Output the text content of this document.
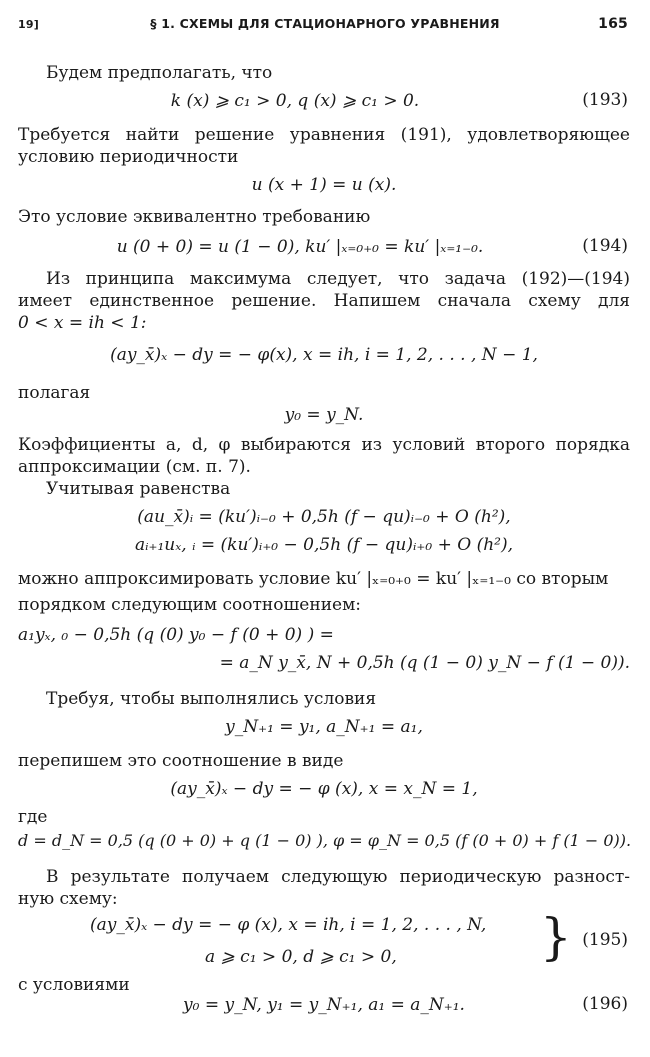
19]	§ 1. СХЕМЫ ДЛЯ СТАЦИОНАРНОГО УРАВНЕНИЯ	165
Будем предполагать, что
k (x) ⩾ c₁ > 0, q (x) ⩾ c₁ > 0.	(193)
Требуется найти решение уравнения (191), удовлетворяющее
условию периодичности
u (x + 1) = u (x).
Это условие эквивалентно требованию
u (0 + 0) = u (1 − 0), ku′ |ₓ₌₀₊₀ = ku′ |ₓ₌₁₋₀.	(194)
Из принципа максимума следует, что задача (192)—(194)
имеет единственное решение. Напишем сначала схему для
0 < x = ih < 1:
(ay_x̄)ₓ − dy = − φ(x), x = ih, i = 1, 2, . . . , N − 1,
полагая
y₀ = y_N.
Коэффициенты a, d, φ выбираются из условий второго порядка
аппроксимации (см. п. 7).
Учитывая равенства
(au_x̄)ᵢ = (ku′)ᵢ₋₀ + 0,5h (f − qu)ᵢ₋₀ + O (h²),
aᵢ₊₁uₓ, ᵢ = (ku′)ᵢ₊₀ − 0,5h (f − qu)ᵢ₊₀ + O (h²),
можно аппроксимировать условие ku′ |ₓ₌₀₊₀ = ku′ |ₓ₌₁₋₀ со вторым
порядком следующим соотношением:
a₁yₓ, ₀ − 0,5h (q (0) y₀ − f (0 + 0) ) =
= a_N y_x̄, N + 0,5h (q (1 − 0) y_N − f (1 − 0)).
Требуя, чтобы выполнялись условия
y_N₊₁ = y₁, a_N₊₁ = a₁,
перепишем это соотношение в виде
(ay_x̄)ₓ − dy = − φ (x), x = x_N = 1,
где
d = d_N = 0,5 (q (0 + 0) + q (1 − 0) ), φ = φ_N = 0,5 (f (0 + 0) + f (1 − 0)).
В результате получаем следующую периодическую разност-
ную схему:
(ay_x̄)ₓ − dy = − φ (x), x = ih, i = 1, 2, . . . , N,
a ⩾ c₁ > 0, d ⩾ c₁ > 0,	} (195)
с условиями
y₀ = y_N, y₁ = y_N₊₁, a₁ = a_N₊₁.	(196)
